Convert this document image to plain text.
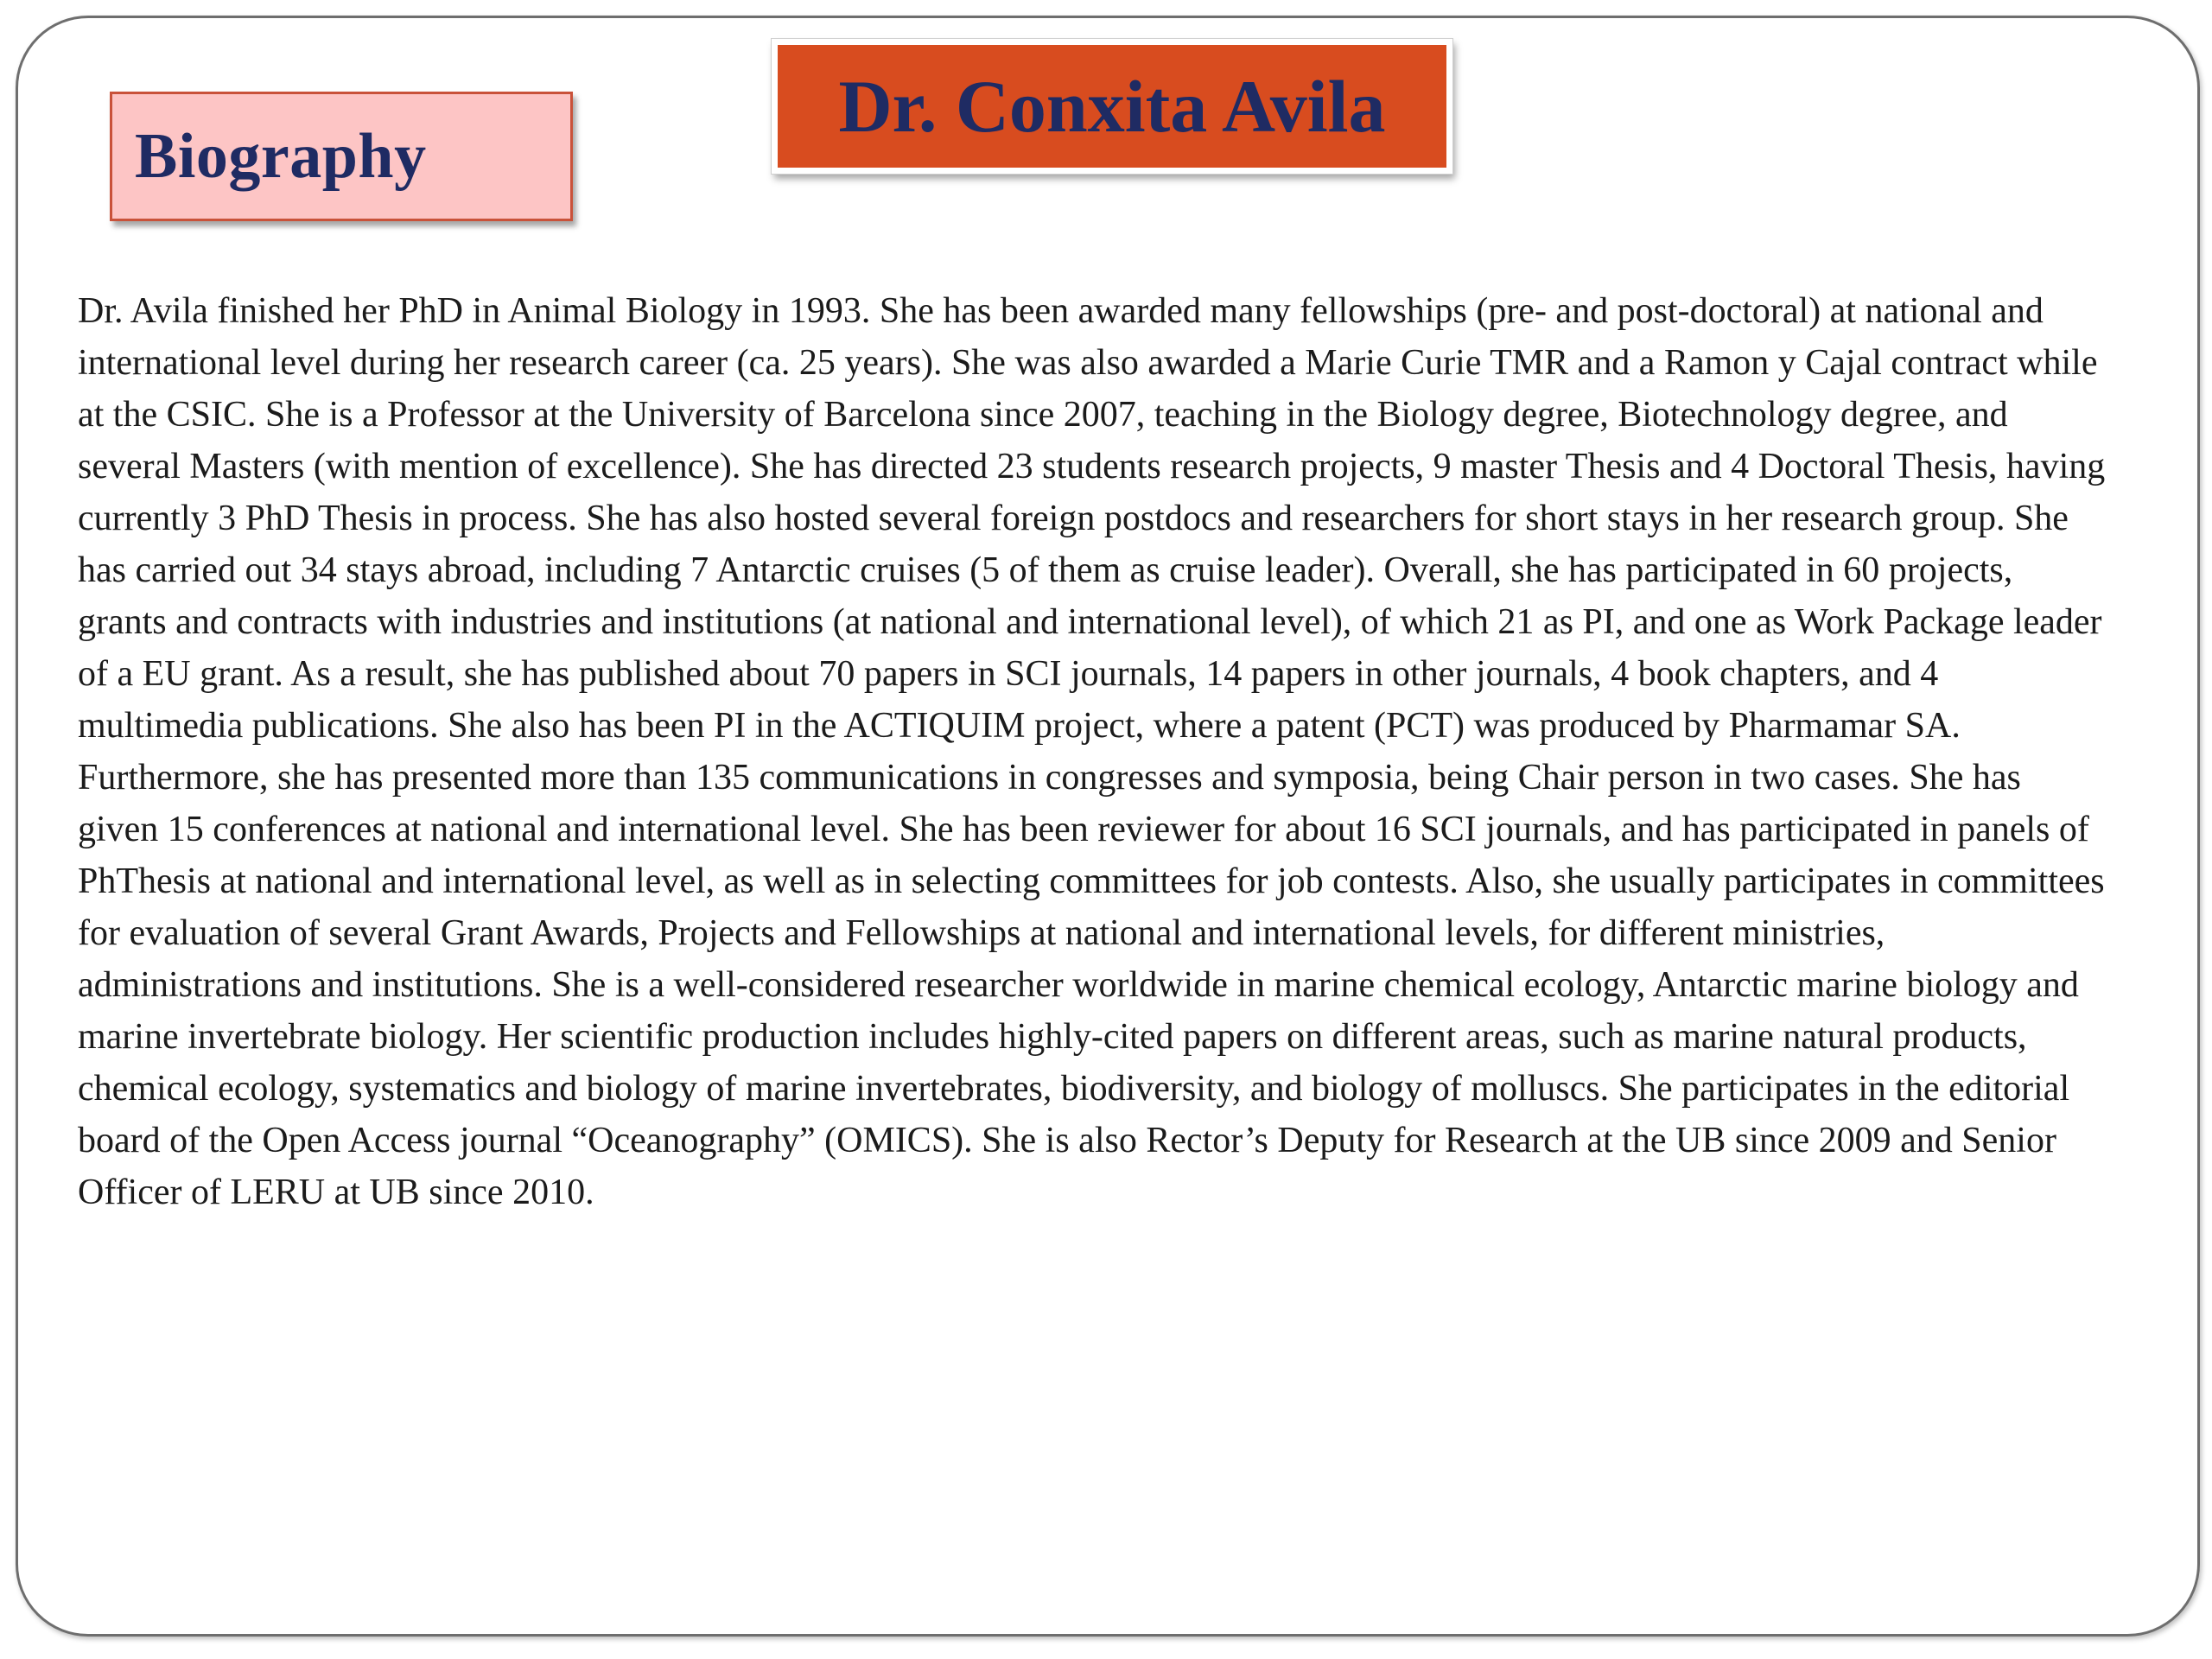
Biography
Dr. Conxita Avila

Dr. Avila finished her PhD in Animal Biology in 1993. She has been awarded many fellowships (pre- and post-doctoral) at national and international level during her research career (ca. 25 years). She was also awarded a Marie Curie TMR and a Ramon y Cajal contract while at the CSIC. She is a Professor at the University of Barcelona since 2007, teaching in the Biology degree, Biotechnology degree, and several Masters (with mention of excellence). She has directed 23 students research projects, 9 master Thesis and 4 Doctoral Thesis, having currently 3 PhD Thesis in process. She has also hosted several foreign postdocs and researchers for short stays in her research group. She has carried out 34 stays abroad, including 7 Antarctic cruises (5 of them as cruise leader). Overall, she has participated in 60 projects, grants and contracts with industries and institutions (at national and international level), of which 21 as PI, and one as Work Package leader of a EU grant. As a result, she has published about 70 papers in SCI journals, 14 papers in other journals, 4 book chapters, and 4 multimedia publications. She also has been PI in the ACTIQUIM project, where a patent (PCT) was produced by Pharmamar SA. Furthermore, she has presented more than 135 communications in congresses and symposia, being Chair person in two cases. She has given 15 conferences at national and international level. She has been reviewer for about 16 SCI journals, and has participated in panels of PhThesis at national and international level, as well as in selecting committees for job contests. Also, she usually participates in committees for evaluation of several Grant Awards, Projects and Fellowships at national and international levels, for different ministries, administrations and institutions. She is a well-considered researcher worldwide in marine chemical ecology, Antarctic marine biology and marine invertebrate biology. Her scientific production includes highly-cited papers on different areas, such as marine natural products, chemical ecology, systematics and biology of marine invertebrates, biodiversity, and biology of molluscs. She participates in the editorial board of the Open Access journal “Oceanography” (OMICS). She is also Rector’s Deputy for Research at the UB since 2009 and Senior Officer of LERU at UB since 2010.
